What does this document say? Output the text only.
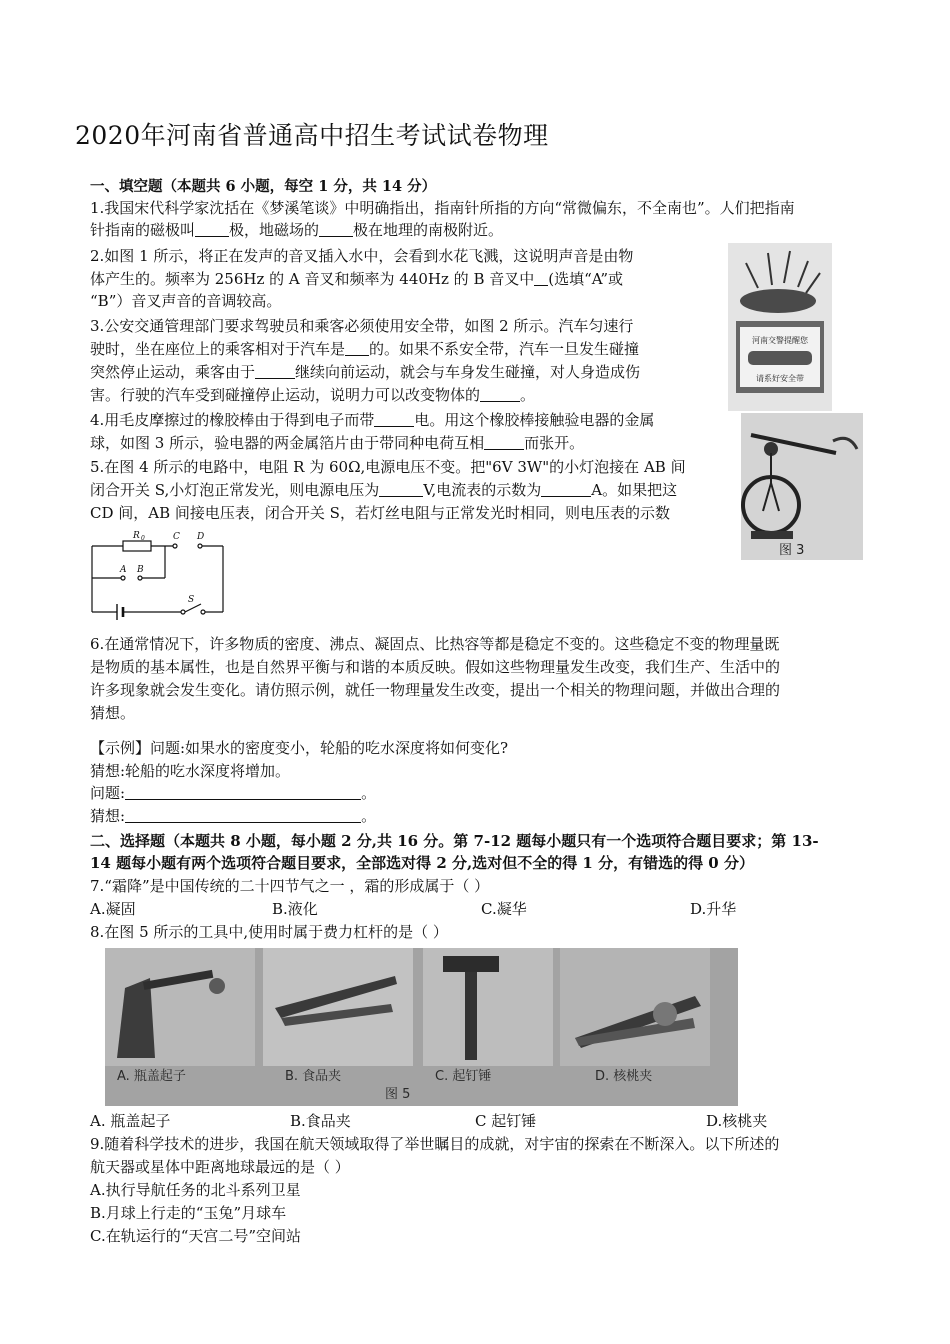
2020年河南省普通高中招生考试试卷物理
一、填空题（本题共 6 小题，每空 1 分，共 14 分）
1.我国宋代科学家沈括在《梦溪笔谈》中明确指出，指南针所指的方向“常微偏东，不全南也”。人们把指南
针指南的磁极叫 极，地磁场的 极在地理的南极附近。
2.如图 1 所示，将正在发声的音叉插入水中，会看到水花飞溅，这说明声音是由物
体产生的。频率为 256Hz 的 A 音叉和频率为 440Hz 的 B 音叉中 (选填“A”或
“B”）音叉声音的音调较高。
3.公安交通管理部门要求驾驶员和乘客必须使用安全带，如图 2 所示。汽车匀速行
驶时，坐在座位上的乘客相对于汽车是 的。如果不系安全带，汽车一旦发生碰撞
突然停止运动，乘客由于	继续向前运动，就会与车身发生碰撞，对人身造成伤
害。行驶的汽车受到碰撞停止运动，说明力可以改变物体的	。
4.用毛皮摩擦过的橡胶棒由于得到电子而带	电。用这个橡胶棒接触验电器的金属
球，如图 3 所示，验电器的两金属箔片由于带同种电荷互相	而张开。
5.在图 4 所示的电路中，电阻 R 为 60Ω,电源电压不变。把"6V 3W"的小灯泡接在 AB 间
闭合开关 S,小灯泡正常发光，则电源电压为	V,电流表的示数为	A。如果把这
CD 间，AB 间接电压表，闭合开关 S，若灯丝电阻与正常发光时相同，则电压表的示数
河南交警提醒您
请系好安全带
图 3
R 0	C D
A B
S
6.在通常情况下，许多物质的密度、沸点、凝固点、比热容等都是稳定不变的。这些稳定不变的物理量既
是物质的基本属性，也是自然界平衡与和谐的本质反映。假如这些物理量发生改变，我们生产、生活中的
许多现象就会发生变化。请仿照示例，就任一物理量发生改变，提出一个相关的物理问题，并做出合理的
猜想。
【示例】问题:如果水的密度变小，轮船的吃水深度将如何变化?
猜想:轮船的吃水深度将增加。
问题:	。
猜想:	。
二、选择题（本题共 8 小题，每小题 2 分,共 16 分。第 7-12 题每小题只有一个选项符合题目要求；第 13-
14 题每小题有两个选项符合题目要求，全部选对得 2 分,选对但不全的得 1 分，有错选的得 0 分）
7.“霜降”是中国传统的二十四节气之一 ，霜的形成属于（ ）
A.凝固	B.液化	C.凝华	D.升华
8.在图 5 所示的工具中,使用时属于费力杠杆的是（ ）
A. 瓶盖起子	B. 食品夹	C. 起钉锤	D. 核桃夹
图 5
A. 瓶盖起子	B.食品夹	C 起钉锤	D.核桃夹
9.随着科学技术的进步，我国在航天领域取得了举世瞩目的成就，对宇宙的探索在不断深入。以下所述的
航天器或星体中距离地球最远的是（ ）
A.执行导航任务的北斗系列卫星
B.月球上行走的“玉兔”月球车
C.在轨运行的“天宫二号”空间站
